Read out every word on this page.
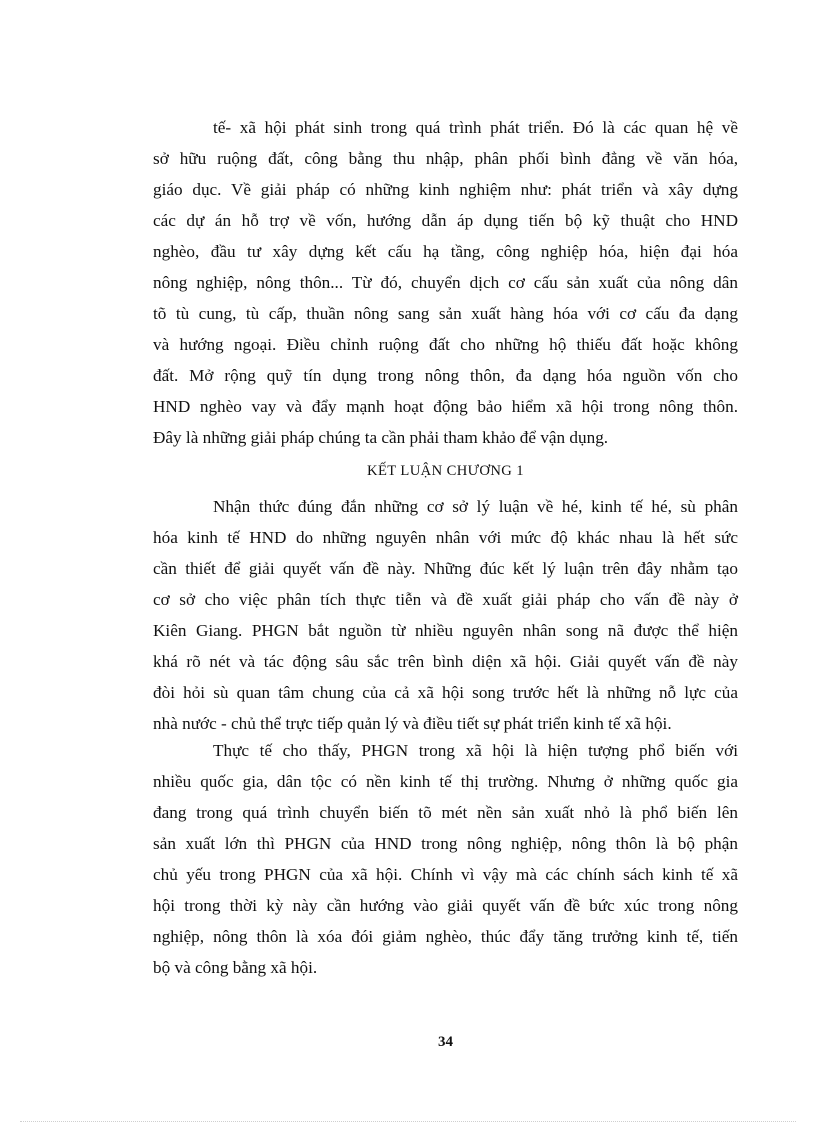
tế- xã hội phát sinh trong quá trình phát triển. Đó là các quan hệ về
sở hữu ruộng đất, công bằng thu nhập, phân phối bình đẳng về văn hóa,
giáo dục. Về giải pháp có những kinh nghiệm như: phát triển và xây dựng
các dự án hỗ trợ về vốn, hướng dẫn áp dụng tiến bộ kỹ thuật cho HND
nghèo, đầu tư xây dựng kết cấu hạ tầng, công nghiệp hóa, hiện đại hóa
nông nghiệp, nông thôn... Từ đó, chuyển dịch cơ cấu sản xuất của nông dân
tõ tù cung, tù cấp, thuần nông sang sản xuất hàng hóa với cơ cấu đa dạng
và hướng ngoại. Điều chỉnh ruộng đất cho những hộ thiếu đất hoặc không
đất. Mở rộng quỹ tín dụng trong nông thôn, đa dạng hóa nguồn vốn cho
HND nghèo vay và đẩy mạnh hoạt động bảo hiểm xã hội trong nông thôn.
Đây là những giải pháp chúng ta cần phải tham khảo để vận dụng.
KẾT LUẬN CHƯƠNG 1
Nhận thức đúng đắn những cơ sở lý luận về hé, kinh tế hé, sù phân
hóa kinh tế HND do những nguyên nhân với mức độ khác nhau là hết sức
cần thiết để giải quyết vấn đề này. Những đúc kết lý luận trên đây nhằm tạo
cơ sở cho việc phân tích thực tiễn và đề xuất giải pháp cho vấn đề này ở
Kiên Giang. PHGN bắt nguồn từ nhiều nguyên nhân song nã được thể hiện
khá rõ nét và tác động sâu sắc trên bình diện xã hội. Giải quyết vấn đề này
đòi hỏi sù quan tâm chung của cả xã hội song trước hết là những nỗ lực của
nhà nước - chủ thể trực tiếp quản lý và điều tiết sự phát triển kinh tế xã hội.
Thực tế cho thấy, PHGN trong xã hội là hiện tượng phổ biến với
nhiều quốc gia, dân tộc có nền kinh tế thị trường. Nhưng ở những quốc gia
đang trong quá trình chuyển biến tõ mét nền sản xuất nhỏ là phổ biến lên
sản xuất lớn thì PHGN của HND trong nông nghiệp, nông thôn là bộ phận
chủ yếu trong PHGN của xã hội. Chính vì vậy mà các chính sách kinh tế xã
hội trong thời kỳ này cần hướng vào giải quyết vấn đề bức xúc trong nông
nghiệp, nông thôn là xóa đói giảm nghèo, thúc đẩy tăng trưởng kinh tế, tiến
bộ và công bằng xã hội.
34
